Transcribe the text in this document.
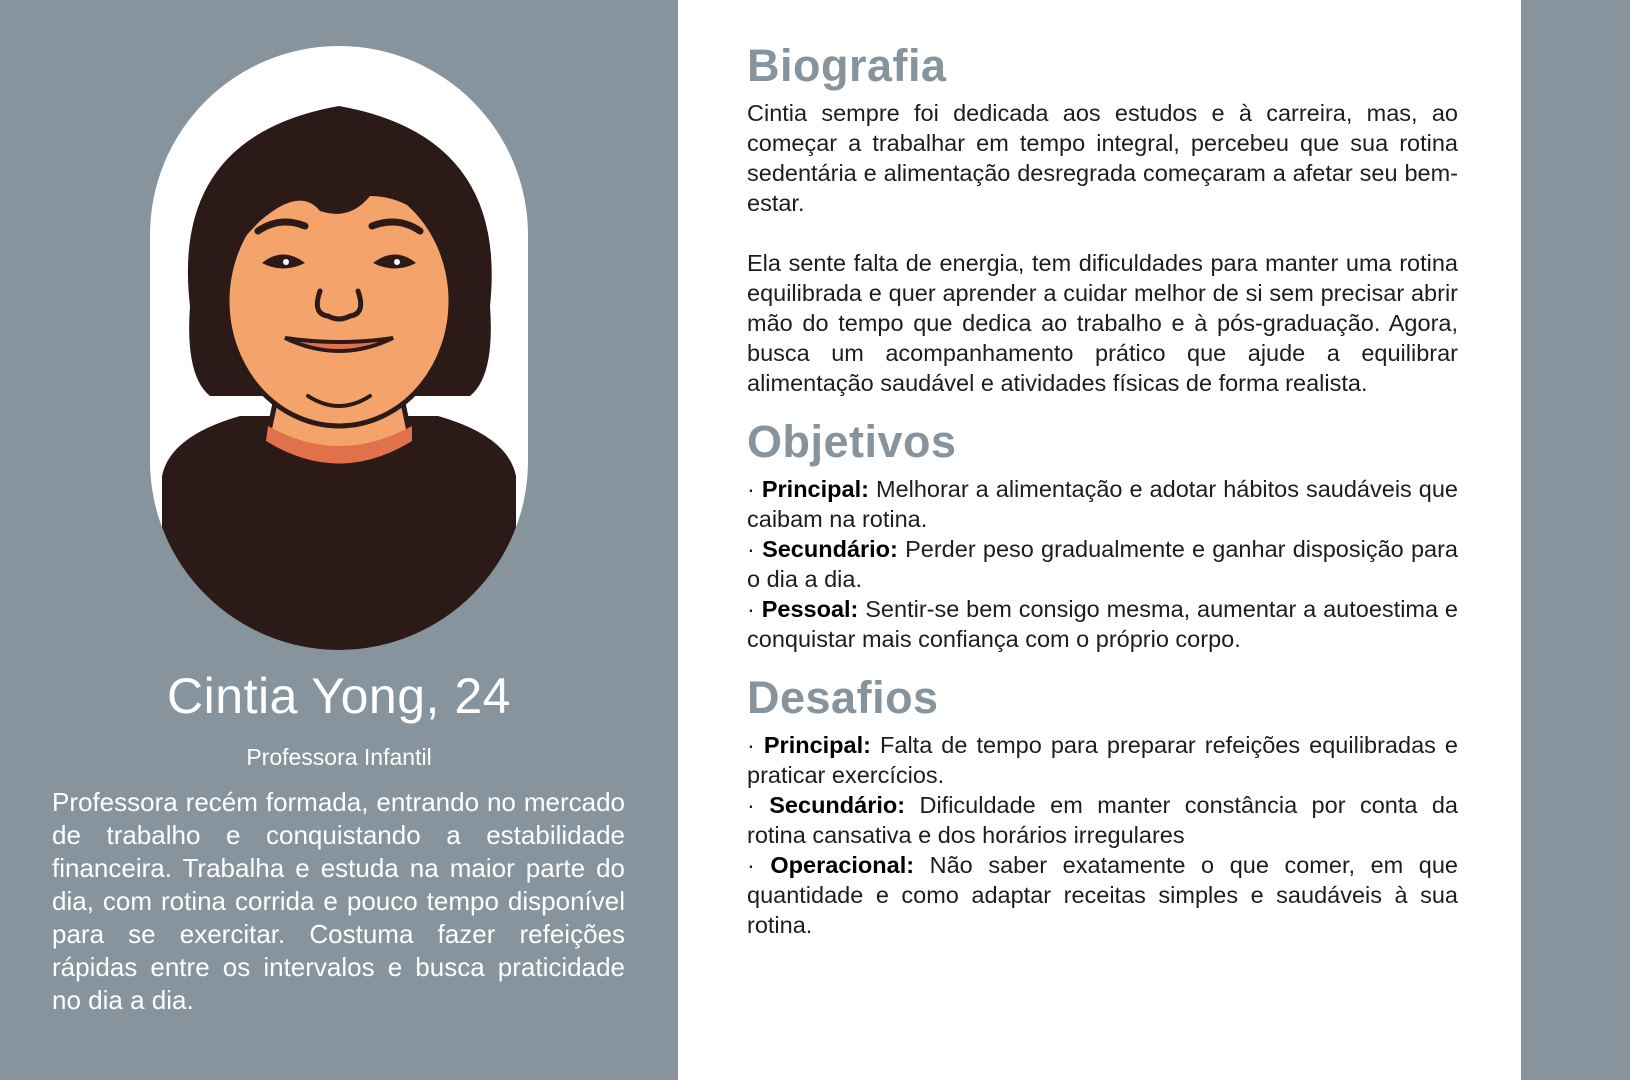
Cintia Yong, 24
Professora Infantil

Professora recém formada, entrando no mercado de trabalho e conquistando a estabilidade financeira. Trabalha e estuda na maior parte do dia, com rotina corrida e pouco tempo disponível para se exercitar. Costuma fazer refeições rápidas entre os intervalos e busca praticidade no dia a dia.

Biografia

Cintia sempre foi dedicada aos estudos e à carreira, mas, ao começar a trabalhar em tempo integral, percebeu que sua rotina sedentária e alimentação desregrada começaram a afetar seu bem-estar.

Ela sente falta de energia, tem dificuldades para manter uma rotina equilibrada e quer aprender a cuidar melhor de si sem precisar abrir mão do tempo que dedica ao trabalho e à pós-graduação. Agora, busca um acompanhamento prático que ajude a equilibrar alimentação saudável e atividades físicas de forma realista.

Objetivos
· Principal: Melhorar a alimentação e adotar hábitos saudáveis que caibam na rotina.
· Secundário: Perder peso gradualmente e ganhar disposição para o dia a dia.
· Pessoal: Sentir-se bem consigo mesma, aumentar a autoestima e conquistar mais confiança com o próprio corpo.
Desafios
· Principal: Falta de tempo para preparar refeições equilibradas e praticar exercícios.
· Secundário: Dificuldade em manter constância por conta da rotina cansativa e dos horários irregulares
· Operacional: Não saber exatamente o que comer, em que quantidade e como adaptar receitas simples e saudáveis à sua rotina.
